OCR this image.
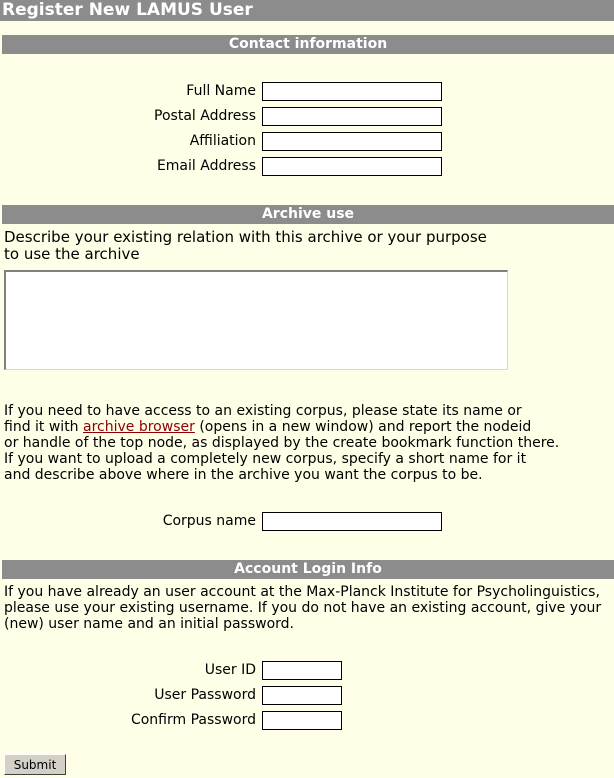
Register New LAMUS User
Contact information
Full Name
Postal Address
Affiliation
Email Address
Archive use
Describe your existing relation with this archive or your purpose
to use the archive
If you need to have access to an existing corpus, please state its name or
find it with archive browser (opens in a new window) and report the nodeid
or handle of the top node, as displayed by the create bookmark function there.
If you want to upload a completely new corpus, specify a short name for it
and describe above where in the archive you want the corpus to be.
Corpus name
Account Login Info
If you have already an user account at the Max-Planck Institute for Psycholinguistics,
please use your existing username. If you do not have an existing account, give your
(new) user name and an initial password.
User ID
User Password
Confirm Password
Submit
